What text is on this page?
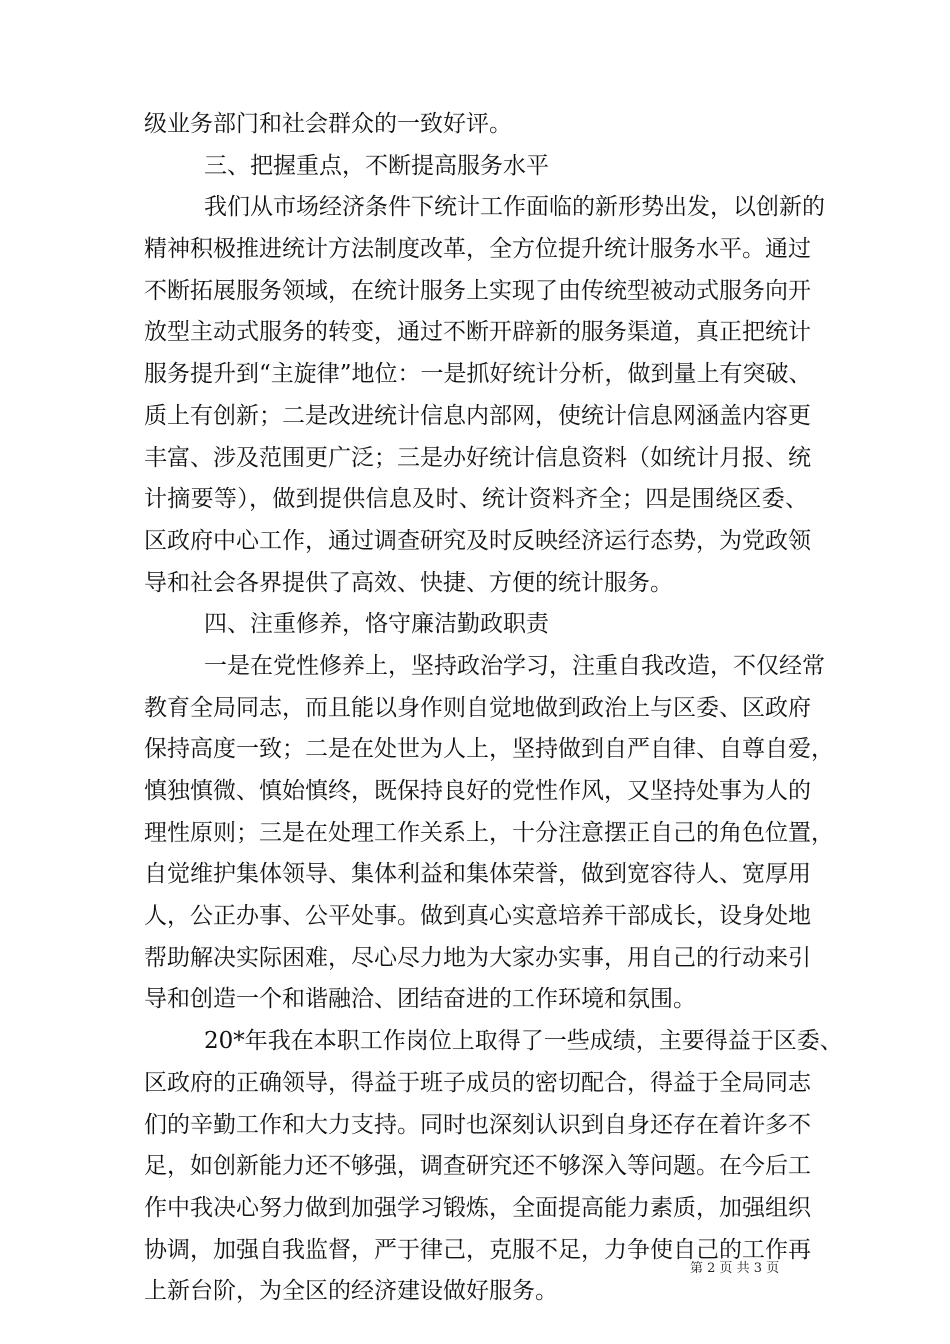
级业务部门和社会群众的一致好评。
三、把握重点，不断提高服务水平
我们从市场经济条件下统计工作面临的新形势出发，以创新的
精神积极推进统计方法制度改革，全方位提升统计服务水平。通过
不断拓展服务领域，在统计服务上实现了由传统型被动式服务向开
放型主动式服务的转变，通过不断开辟新的服务渠道，真正把统计
服务提升到“主旋律”地位：一是抓好统计分析，做到量上有突破、
质上有创新；二是改进统计信息内部网，使统计信息网涵盖内容更
丰富、涉及范围更广泛；三是办好统计信息资料（如统计月报、统
计摘要等），做到提供信息及时、统计资料齐全；四是围绕区委、
区政府中心工作，通过调查研究及时反映经济运行态势，为党政领
导和社会各界提供了高效、快捷、方便的统计服务。
四、注重修养，恪守廉洁勤政职责
一是在党性修养上，坚持政治学习，注重自我改造，不仅经常
教育全局同志，而且能以身作则自觉地做到政治上与区委、区政府
保持高度一致；二是在处世为人上，坚持做到自严自律、自尊自爱，
慎独慎微、慎始慎终，既保持良好的党性作风，又坚持处事为人的
理性原则；三是在处理工作关系上，十分注意摆正自己的角色位置，
自觉维护集体领导、集体利益和集体荣誉，做到宽容待人、宽厚用
人，公正办事、公平处事。做到真心实意培养干部成长，设身处地
帮助解决实际困难，尽心尽力地为大家办实事，用自己的行动来引
导和创造一个和谐融洽、团结奋进的工作环境和氛围。
20*年我在本职工作岗位上取得了一些成绩，主要得益于区委、
区政府的正确领导，得益于班子成员的密切配合，得益于全局同志
们的辛勤工作和大力支持。同时也深刻认识到自身还存在着许多不
足，如创新能力还不够强，调查研究还不够深入等问题。在今后工
作中我决心努力做到加强学习锻炼，全面提高能力素质，加强组织
协调，加强自我监督，严于律己，克服不足，力争使自己的工作再
上新台阶，为全区的经济建设做好服务。
第 2 页 共 3 页
